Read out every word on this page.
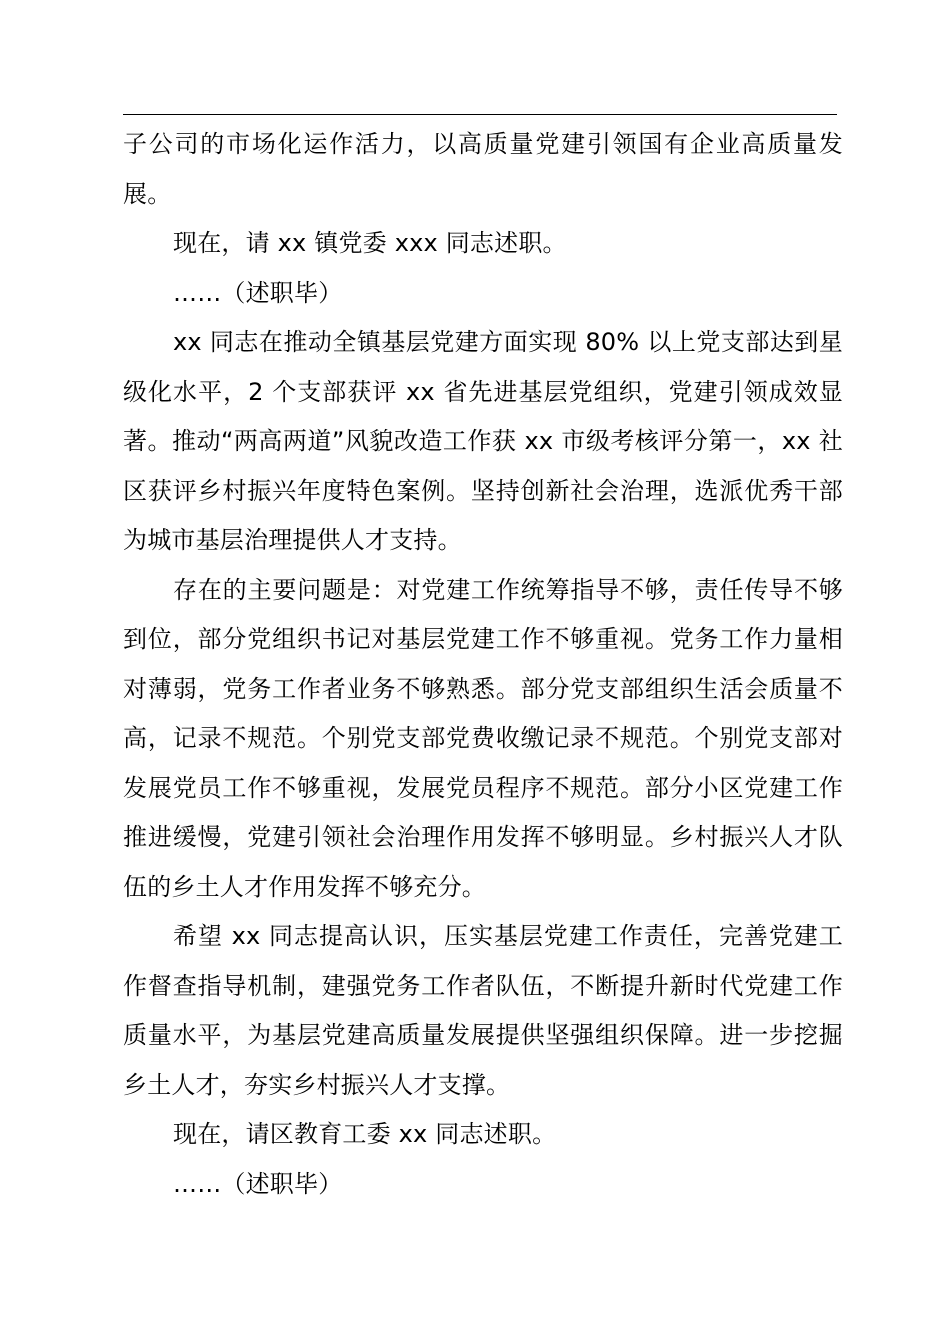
子公司的市场化运作活力，以高质量党建引领国有企业高质量发展。

现在，请 xx 镇党委 xxx 同志述职。

……（述职毕）

xx 同志在推动全镇基层党建方面实现 80% 以上党支部达到星级化水平，2 个支部获评 xx 省先进基层党组织，党建引领成效显著。推动“两高两道”风貌改造工作获 xx 市级考核评分第一，xx 社区获评乡村振兴年度特色案例。坚持创新社会治理，选派优秀干部为城市基层治理提供人才支持。

存在的主要问题是：对党建工作统筹指导不够，责任传导不够到位，部分党组织书记对基层党建工作不够重视。党务工作力量相对薄弱，党务工作者业务不够熟悉。部分党支部组织生活会质量不高，记录不规范。个别党支部党费收缴记录不规范。个别党支部对发展党员工作不够重视，发展党员程序不规范。部分小区党建工作推进缓慢，党建引领社会治理作用发挥不够明显。乡村振兴人才队伍的乡土人才作用发挥不够充分。

希望 xx 同志提高认识，压实基层党建工作责任，完善党建工作督查指导机制，建强党务工作者队伍，不断提升新时代党建工作质量水平，为基层党建高质量发展提供坚强组织保障。进一步挖掘乡土人才，夯实乡村振兴人才支撑。

现在，请区教育工委 xx 同志述职。

……（述职毕）
